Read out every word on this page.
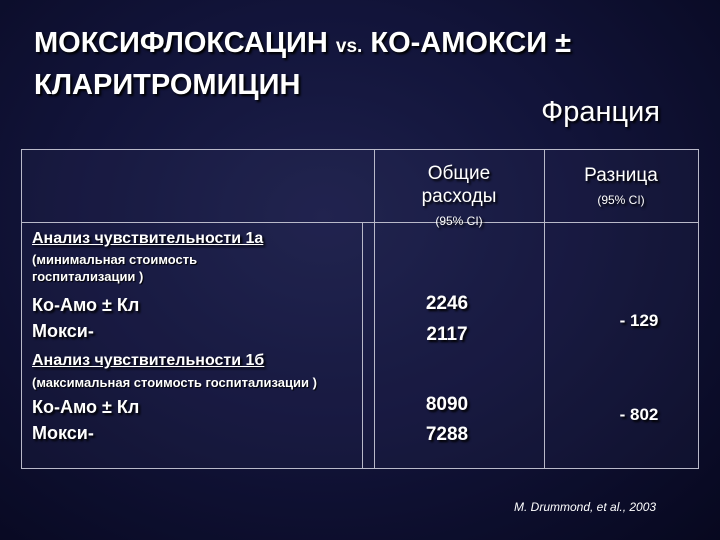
МОКСИФЛОКСАЦИН vs. КО-АМОКСИ ± КЛАРИТРОМИЦИН
Франция
Общие расходы
(95% CI)
Разница
(95% CI)
Анализ чувствительности 1а
(минимальная стоимость госпитализации )
Ко-Амо ± Кл
Мокси-
2246
2117
- 129
Анализ чувствительности 1б
(максимальная стоимость госпитализации )
Ко-Амо ± Кл
Мокси-
8090
7288
- 802
M. Drummond, et al., 2003
